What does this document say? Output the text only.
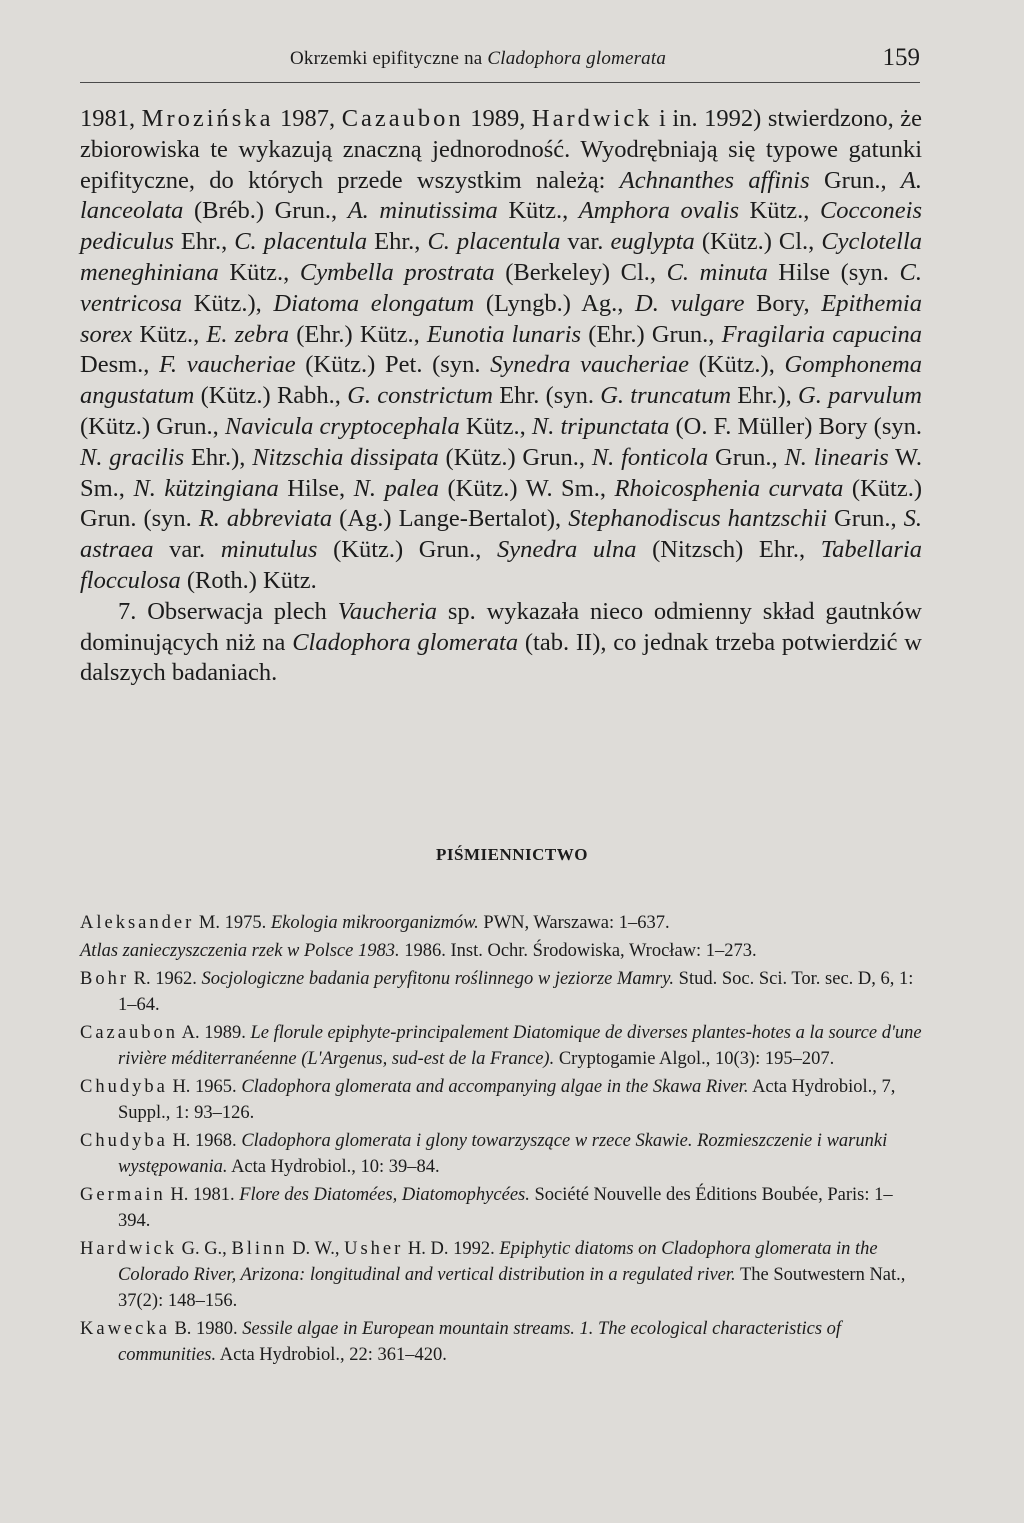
Okrzemki epifityczne na Cladophora glomerata	159

1981, Mrozińska 1987, Cazaubon 1989, Hardwick i in. 1992) stwierdzono, że zbiorowiska te wykazują znaczną jednorodność. Wyodrębniają się typowe gatunki epifityczne, do których przede wszystkim należą: Achnanthes affinis Grun., A. lanceolata (Bréb.) Grun., A. minutissima Kütz., Amphora ovalis Kütz., Cocconeis pediculus Ehr., C. placentula Ehr., C. placentula var. euglypta (Kütz.) Cl., Cyclotella meneghiniana Kütz., Cymbella prostrata (Berkeley) Cl., C. minuta Hilse (syn. C. ventricosa Kütz.), Diatoma elongatum (Lyngb.) Ag., D. vulgare Bory, Epithemia sorex Kütz., E. zebra (Ehr.) Kütz., Eunotia lunaris (Ehr.) Grun., Fragilaria capucina Desm., F. vaucheriae (Kütz.) Pet. (syn. Synedra vaucheriae (Kütz.), Gomphonema angustatum (Kütz.) Rabh., G. constrictum Ehr. (syn. G. truncatum Ehr.), G. parvulum (Kütz.) Grun., Navicula cryptocephala Kütz., N. tripunctata (O. F. Müller) Bory (syn. N. gracilis Ehr.), Nitzschia dissipata (Kütz.) Grun., N. fonticola Grun., N. linearis W. Sm., N. kützingiana Hilse, N. palea (Kütz.) W. Sm., Rhoicosphenia curvata (Kütz.) Grun. (syn. R. abbreviata (Ag.) Lange-Bertalot), Stephanodiscus hantzschii Grun., S. astraea var. minutulus (Kütz.) Grun., Synedra ulna (Nitzsch) Ehr., Tabellaria flocculosa (Roth.) Kütz.

7. Obserwacja plech Vaucheria sp. wykazała nieco odmienny skład gautnków dominujących niż na Cladophora glomerata (tab. II), co jednak trzeba potwierdzić w dalszych badaniach.

PIŚMIENNICTWO

Aleksander M. 1975. Ekologia mikroorganizmów. PWN, Warszawa: 1–637.

Atlas zanieczyszczenia rzek w Polsce 1983. 1986. Inst. Ochr. Środowiska, Wrocław: 1–273.

Bohr R. 1962. Socjologiczne badania peryfitonu roślinnego w jeziorze Mamry. Stud. Soc. Sci. Tor. sec. D, 6, 1: 1–64.

Cazaubon A. 1989. Le florule epiphyte-principalement Diatomique de diverses plantes-hotes a la source d'une rivière méditerranéenne (L'Argenus, sud-est de la France). Cryptogamie Algol., 10(3): 195–207.

Chudyba H. 1965. Cladophora glomerata and accompanying algae in the Skawa River. Acta Hydrobiol., 7, Suppl., 1: 93–126.

Chudyba H. 1968. Cladophora glomerata i glony towarzyszące w rzece Skawie. Rozmieszczenie i warunki występowania. Acta Hydrobiol., 10: 39–84.

Germain H. 1981. Flore des Diatomées, Diatomophycées. Société Nouvelle des Éditions Boubée, Paris: 1–394.

Hardwick G. G., Blinn D. W., Usher H. D. 1992. Epiphytic diatoms on Cladophora glomerata in the Colorado River, Arizona: longitudinal and vertical distribution in a regulated river. The Soutwestern Nat., 37(2): 148–156.

Kawecka B. 1980. Sessile algae in European mountain streams. 1. The ecological characteristics of communities. Acta Hydrobiol., 22: 361–420.
